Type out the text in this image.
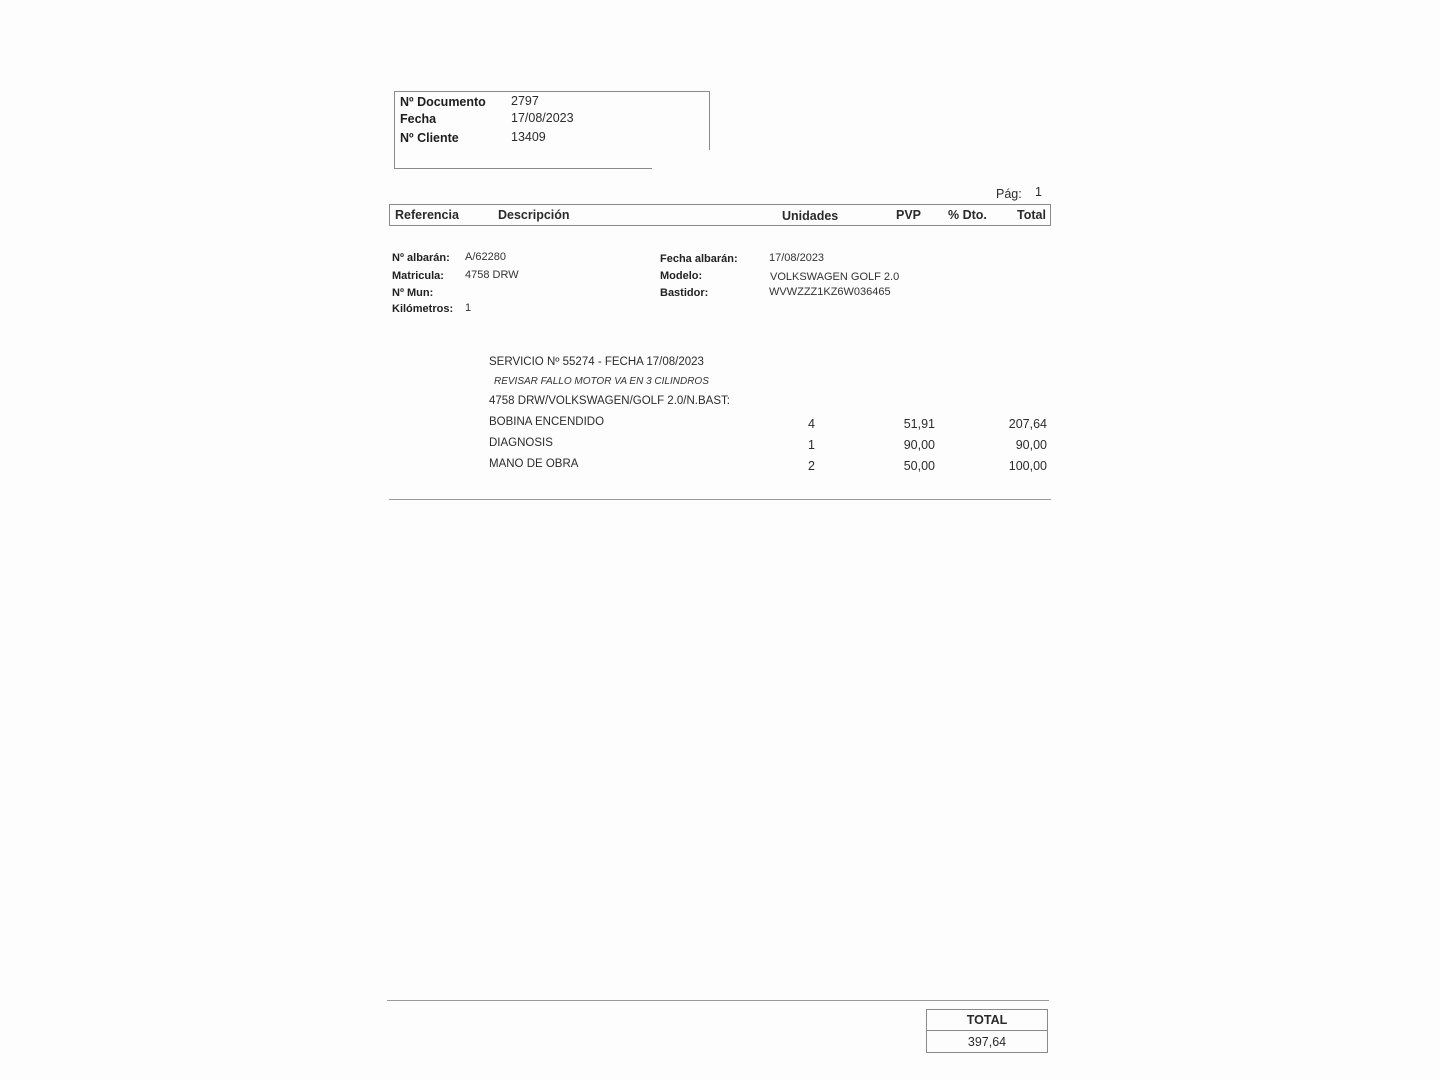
Nº Documento 2797
Fecha	17/08/2023
Nº Cliente	13409
Pág: 1
Referencia	Descripción	Unidades	PVP % Dto. Total
Nº albarán: A/62280
Matricula: 4758 DRW
Nº Mun:
Kilómetros: 1
Fecha albarán:	17/08/2023
Modelo:	VOLKSWAGEN GOLF 2.0
Bastidor:	WVWZZZ1KZ6W036465
SERVICIO Nº 55274 - FECHA 17/08/2023
REVISAR FALLO MOTOR VA EN 3 CILINDROS
4758 DRW/VOLKSWAGEN/GOLF 2.0/N.BAST:
BOBINA ENCENDIDO	4	51,91	207,64
DIAGNOSIS	1	90,00	90,00
MANO DE OBRA	2	50,00	100,00
TOTAL
397,64
